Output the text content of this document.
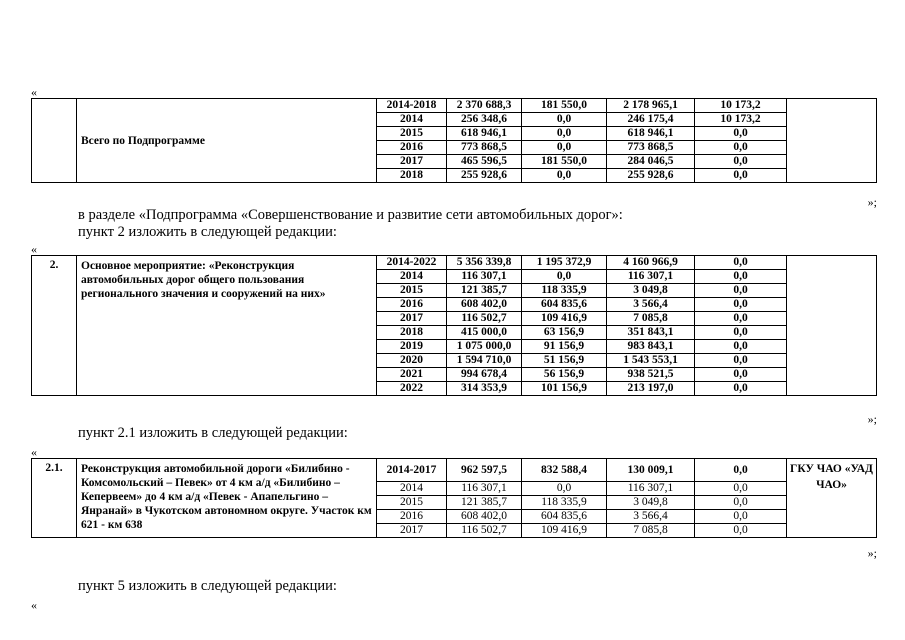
«
	Всего по Подпрограмме	2014-2018	2 370 688,3	181 550,0	2 178 965,1	10 173,2	
		2014	256 348,6	0,0	246 175,4	10 173,2	
		2015	618 946,1	0,0	618 946,1	0,0	
		2016	773 868,5	0,0	773 868,5	0,0	
		2017	465 596,5	181 550,0	284 046,5	0,0	
		2018	255 928,6	0,0	255 928,6	0,0	
»;
в разделе «Подпрограмма «Совершенствование и развитие сети автомобильных дорог»:
пункт 2 изложить в следующей редакции:
«
2.	Основное мероприятие: «Реконструкция автомобильных дорог общего пользования регионального значения и сооружений на них»	2014-2022	5 356 339,8	1 195 372,9	4 160 966,9	0,0	
		2014	116 307,1	0,0	116 307,1	0,0	
		2015	121 385,7	118 335,9	3 049,8	0,0	
		2016	608 402,0	604 835,6	3 566,4	0,0	
		2017	116 502,7	109 416,9	7 085,8	0,0	
		2018	415 000,0	63 156,9	351 843,1	0,0	
		2019	1 075 000,0	91 156,9	983 843,1	0,0	
		2020	1 594 710,0	51 156,9	1 543 553,1	0,0	
		2021	994 678,4	56 156,9	938 521,5	0,0	
		2022	314 353,9	101 156,9	213 197,0	0,0	
»;
пункт 2.1 изложить в следующей редакции:
«
2.1.	Реконструкция автомобильной дороги «Билибино - Комсомольский – Певек» от 4 км а/д «Билибино – Кепервеем» до 4 км а/д «Певек - Апапельгино – Янранай» в Чукотском автономном округе. Участок км 621 - км 638	2014-2017	962 597,5	832 588,4	130 009,1	0,0	ГКУ ЧАО «УАД ЧАО»
		2014	116 307,1	0,0	116 307,1	0,0	
		2015	121 385,7	118 335,9	3 049,8	0,0	
		2016	608 402,0	604 835,6	3 566,4	0,0	
		2017	116 502,7	109 416,9	7 085,8	0,0	
»;
пункт 5 изложить в следующей редакции:
«
